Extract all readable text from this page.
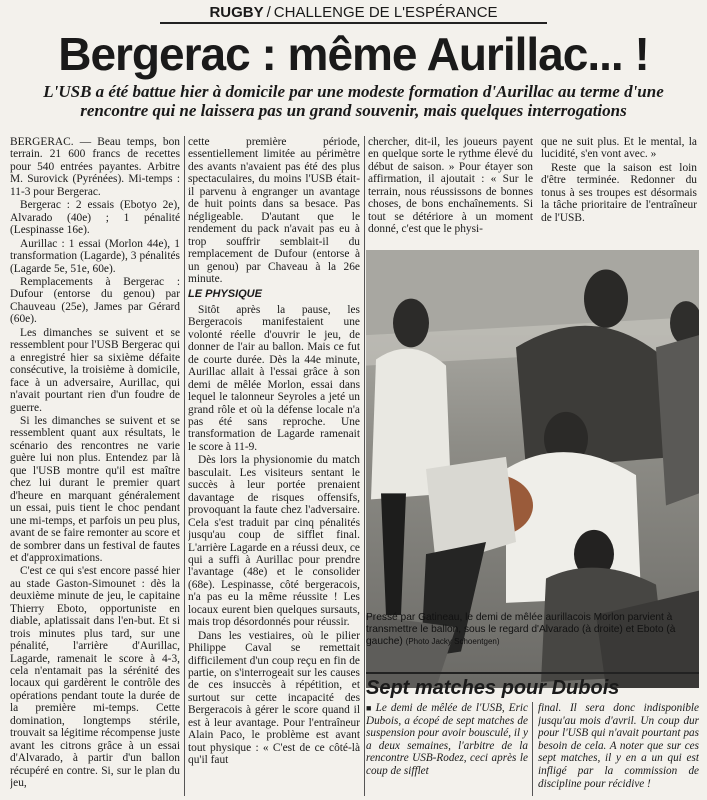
RUGBY / CHALLENGE DE L'ESPÉRANCE
Bergerac : même Aurillac... !
L'USB a été battue hier à domicile par une modeste formation d'Aurillac au terme d'une rencontre qui ne laissera pas un grand souvenir, mais quelques interrogations

BERGERAC. — Beau temps, bon terrain. 21 600 francs de recettes pour 540 entrées payantes. Arbitre M. Surovick (Pyrénées). Mi-temps : 11-3 pour Bergerac.

Bergerac : 2 essais (Ebotyo 2e), Alvarado (40e) ; 1 pénalité (Lespinasse 16e).

Aurillac : 1 essai (Morlon 44e), 1 transformation (Lagarde), 3 pénalités (Lagarde 5e, 51e, 60e).

Remplacements à Bergerac : Dufour (entorse du genou) par Chauveau (25e), James par Gérard (60e).

Les dimanches se suivent et se ressemblent pour l'USB Bergerac qui a enregistré hier sa sixième défaite consécutive, la troisième à domicile, face à un adversaire, Aurillac, qui n'avait pourtant rien d'un foudre de guerre.

Si les dimanches se suivent et se ressemblent quant aux résultats, le scénario des rencontres ne varie guère lui non plus. Entendez par là que l'USB montre qu'il est maître chez lui durant le premier quart d'heure en marquant généralement un essai, puis tient le choc pendant une mi-temps, et parfois un peu plus, avant de se faire remonter au score et de sombrer dans un festival de fautes et d'approximations.

C'est ce qui s'est encore passé hier au stade Gaston-Simounet : dès la deuxième minute de jeu, le capitaine Thierry Eboto, opportuniste en diable, aplatissait dans l'en-but. Et si trois minutes plus tard, sur une pénalité, l'arrière d'Aurillac, Lagarde, ramenait le score à 4-3, cela n'entamait pas la sérénité des locaux qui gardèrent le contrôle des opérations pendant toute la durée de la première mi-temps. Cette domination, longtemps stérile, trouvait sa légitime récompense juste avant les citrons grâce à un essai d'Alvarado, à partir d'un ballon récupéré en contre. Si, sur le plan du jeu,

cette première période, essentiellement limitée au périmètre des avants n'avaient pas été des plus spectaculaires, du moins l'USB était-il parvenu à engranger un avantage de huit points dans sa besace. Pas négligeable. D'autant que le rendement du pack n'avait pas eu à trop souffrir semblait-il du remplacement de Dufour (entorse à un genou) par Chaveau à la 26e minute.

LE PHYSIQUE

Sitôt après la pause, les Bergeracois manifestaient une volonté réelle d'ouvrir le jeu, de donner de l'air au ballon. Mais ce fut de courte durée. Dès la 44e minute, Aurillac allait à l'essai grâce à son demi de mêlée Morlon, essai dans lequel le talonneur Seyroles a jeté un grand rôle et où la défense locale n'a pas été sans reproche. Une transformation de Lagarde ramenait le score à 11-9.

Dès lors la physionomie du match basculait. Les visiteurs sentant le succès à leur portée prenaient davantage de risques offensifs, provoquant la faute chez l'adversaire. Cela s'est traduit par cinq pénalités jusqu'au coup de sifflet final. L'arrière Lagarde en a réussi deux, ce qui a suffi à Aurillac pour prendre l'avantage (48e) et le consolider (68e). Lespinasse, côté bergeracois, n'a pas eu la même réussite ! Les locaux eurent bien quelques sursauts, mais trop désordonnés pour réussir.

Dans les vestiaires, où le pilier Philippe Caval se remettait difficilement d'un coup reçu en fin de partie, on s'interrogeait sur les causes de ces insuccès à répétition, et surtout sur cette incapacité des Bergeracois à gérer le score quand il est à leur avantage. Pour l'entraîneur Alain Paco, le problème est avant tout physique : « C'est de ce côté-là qu'il faut

chercher, dit-il, les joueurs payent en quelque sorte le rythme élevé du début de saison. » Pour étayer son affirmation, il ajoutait : « Sur le terrain, nous réussissons de bonnes choses, de bons enchaînements. Si tout se détériore à un moment donné, c'est que le physi-

que ne suit plus. Et le mental, la lucidité, s'en vont avec. »

Reste que la saison est loin d'être terminée. Redonner du tonus à ses troupes est désormais la tâche prioritaire de l'entraîneur de l'USB.

Pressé par Gatineau, le demi de mêlée aurillacois Morlon parvient à transmettre le ballon, sous le regard d'Alvarado (à droite) et Eboto (à gauche) (Photo Jacky Schoentgen)
Sept matches pour Dubois
■ Le demi de mêlée de l'USB, Eric Dubois, a écopé de sept matches de suspension pour avoir bousculé, il y a deux semaines, l'arbitre de la rencontre USB-Rodez, ceci après le coup de sifflet
final. Il sera donc indisponible jusqu'au mois d'avril. Un coup dur pour l'USB qui n'avait pourtant pas besoin de cela. A noter que sur ces sept matches, il y en a un qui est infligé par la commission de discipline pour récidive !
